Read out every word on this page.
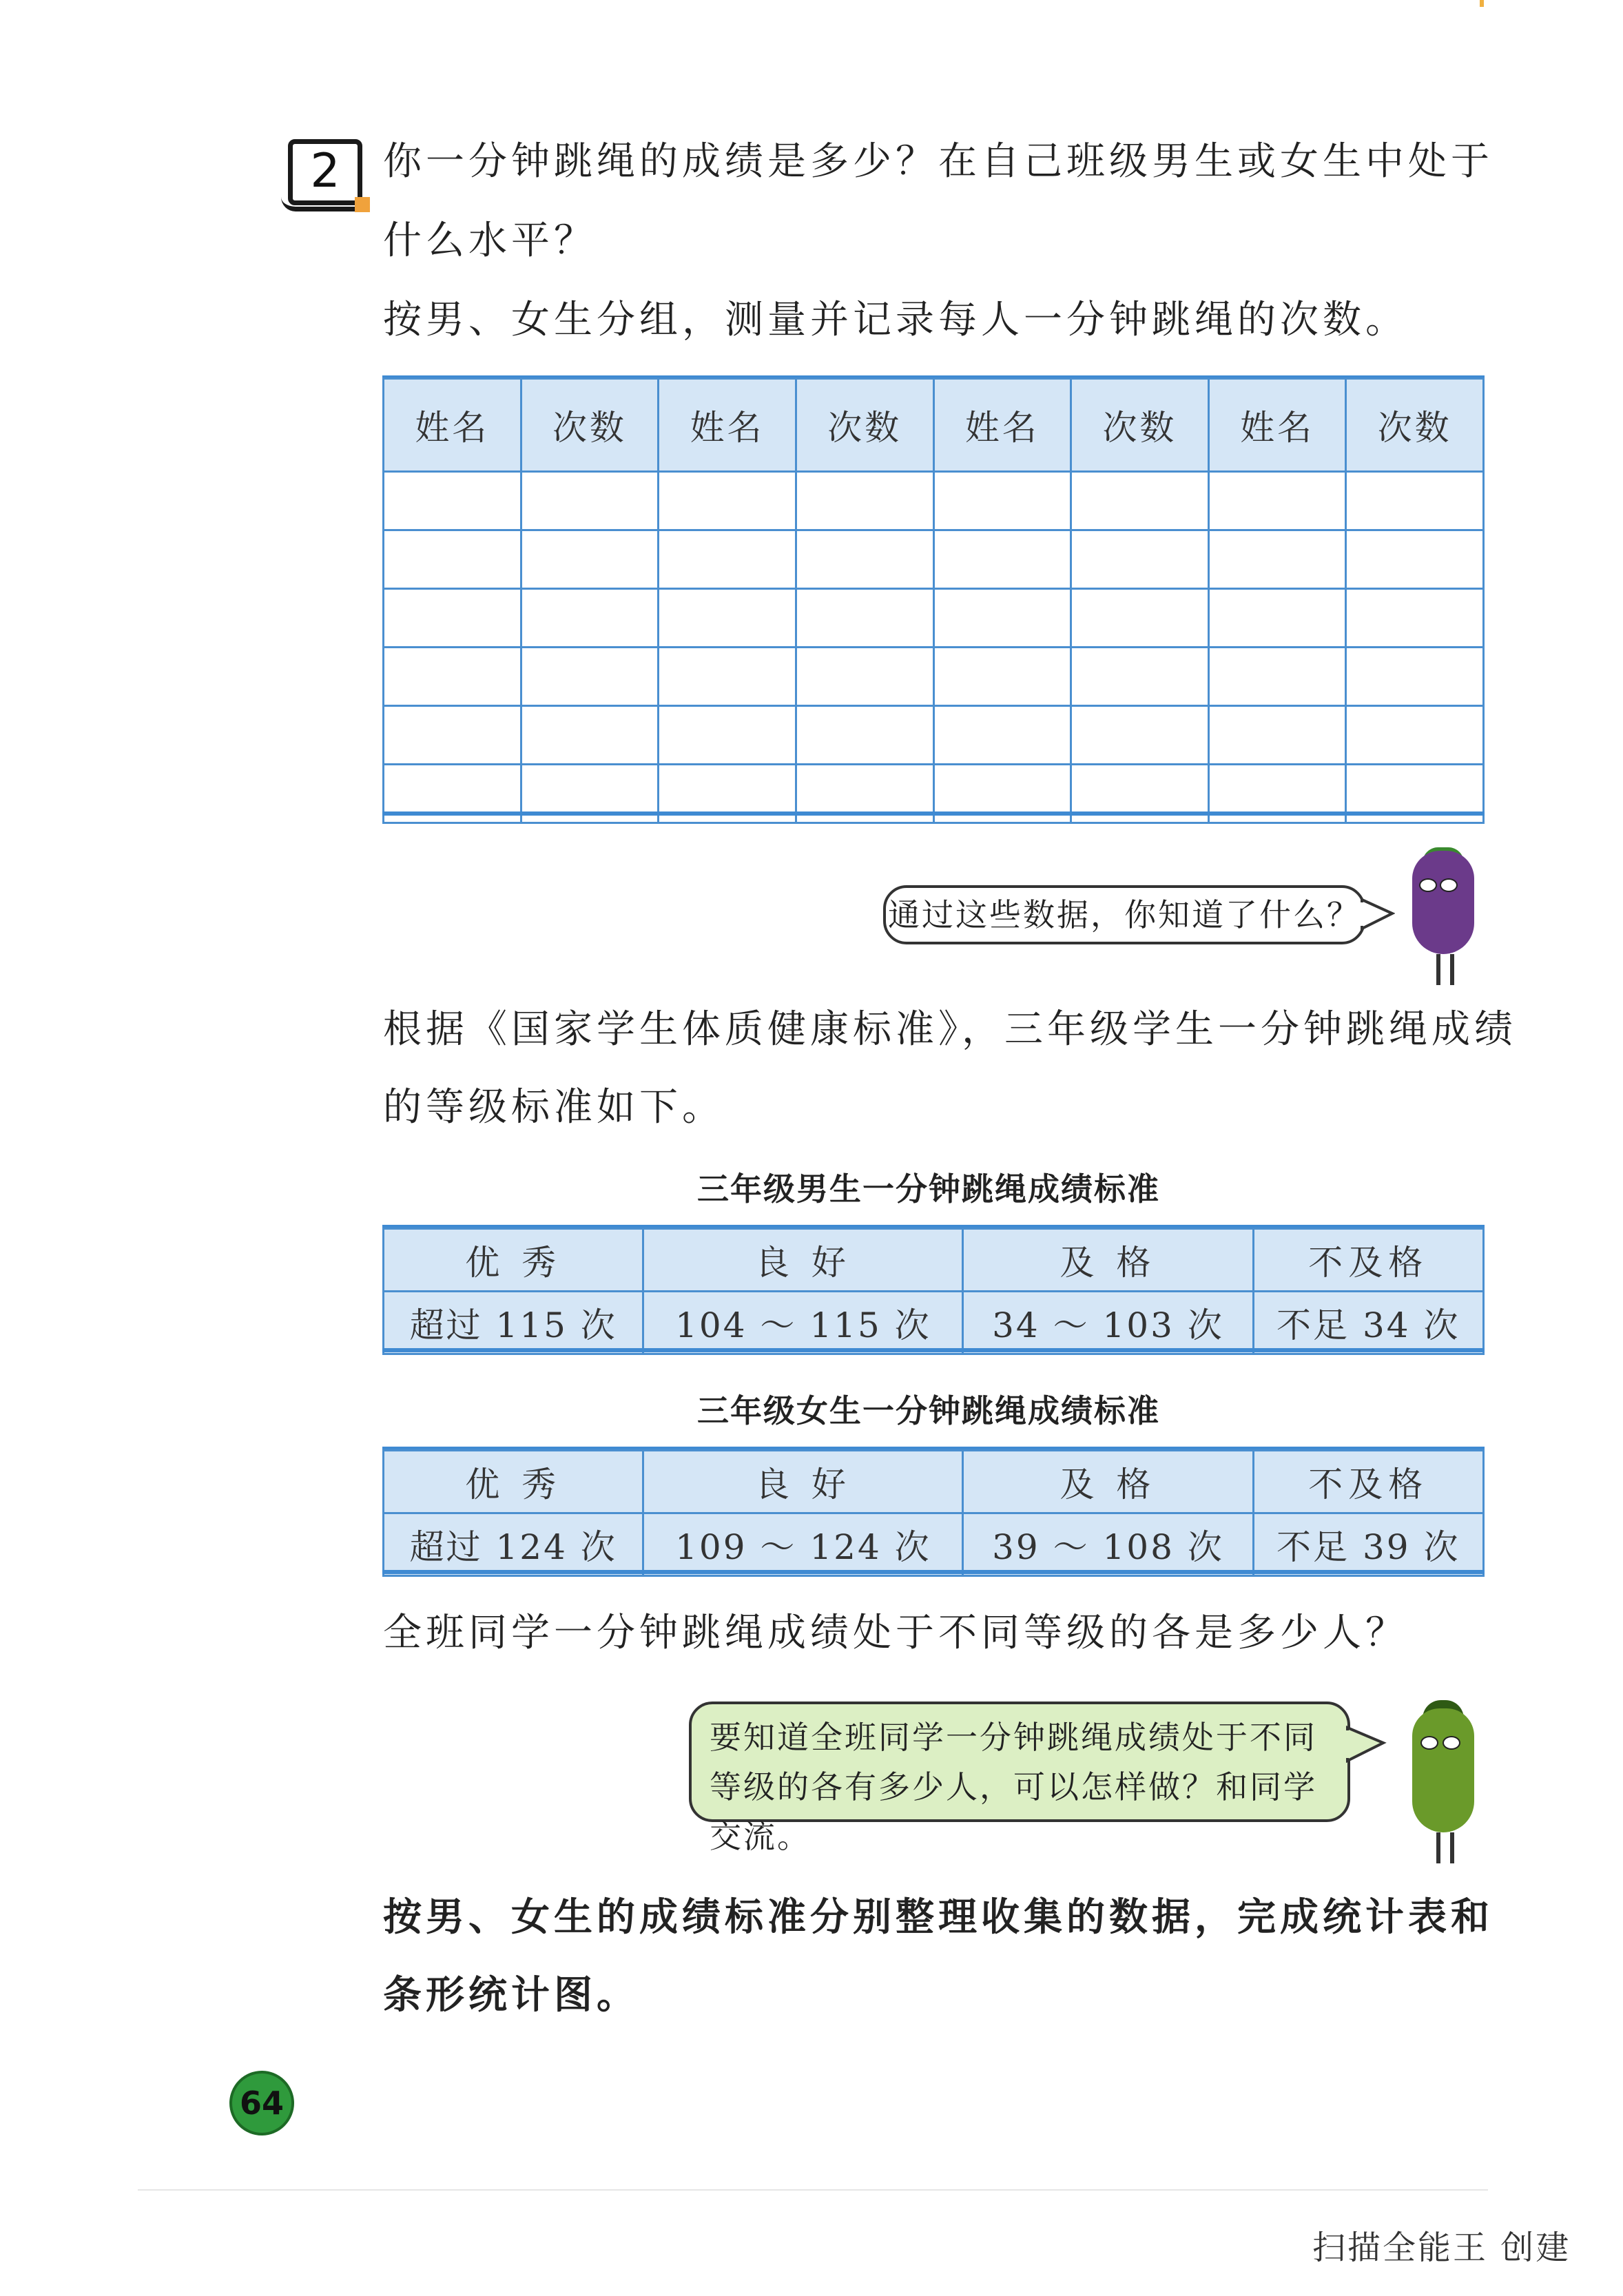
2	你一分钟跳绳的成绩是多少？在自己班级男生或女生中处于
什么水平？
按男、女生分组，测量并记录每人一分钟跳绳的次数。
姓名	次数	姓名	次数	姓名	次数	姓名	次数

通过这些数据，你知道了什么？
根据《国家学生体质健康标准》，三年级学生一分钟跳绳成绩
的等级标准如下。
三年级男生一分钟跳绳成绩标准
优 秀	良 好	及 格	不及格
超过 115 次	104 ～ 115 次	34 ～ 103 次	不足 34 次
三年级女生一分钟跳绳成绩标准
优 秀	良 好	及 格	不及格
超过 124 次	109 ～ 124 次	39 ～ 108 次	不足 39 次
全班同学一分钟跳绳成绩处于不同等级的各是多少人？
要知道全班同学一分钟跳绳成绩处于不同等级的各有多少人，可以怎样做？和同学交流。
按男、女生的成绩标准分别整理收集的数据，完成统计表和
条形统计图。
64
扫描全能王 创建
